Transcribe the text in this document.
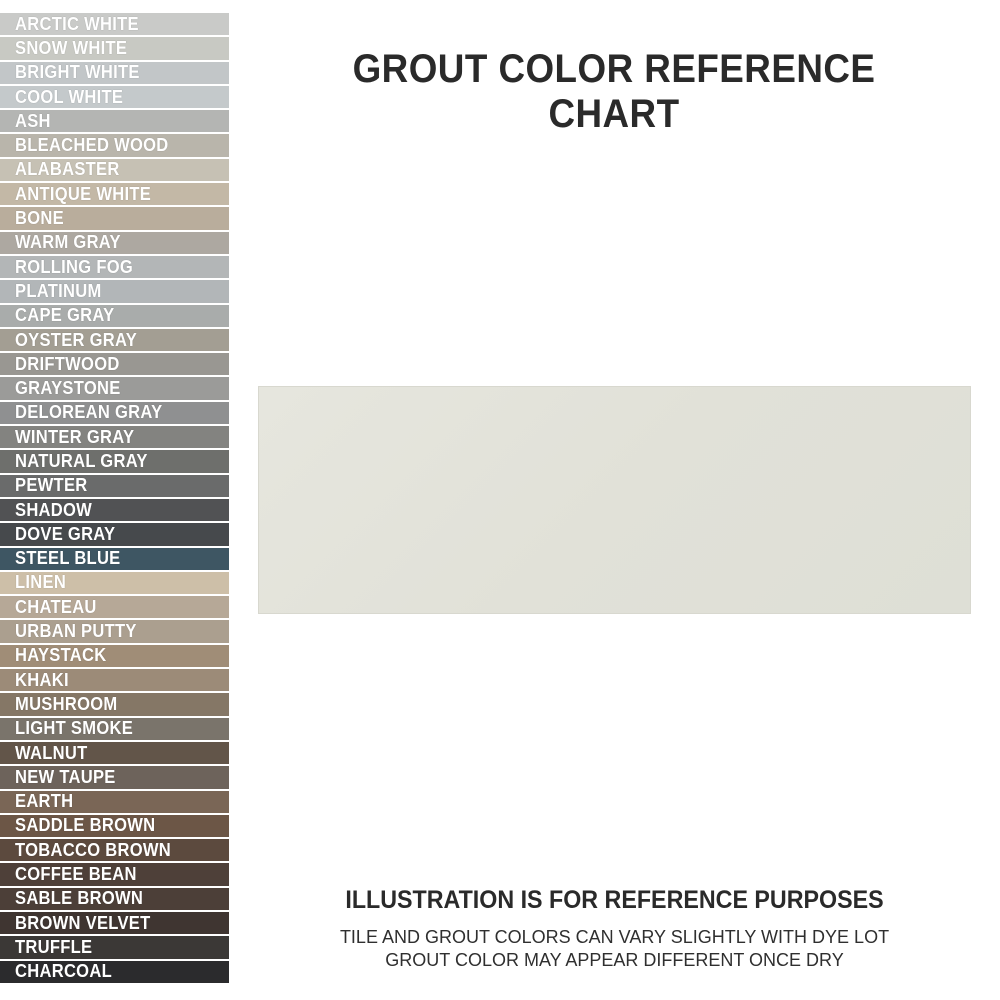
ARCTIC WHITE
SNOW WHITE
BRIGHT WHITE
COOL WHITE
ASH
BLEACHED WOOD
ALABASTER
ANTIQUE WHITE
BONE
WARM GRAY
ROLLING FOG
PLATINUM
CAPE GRAY
OYSTER GRAY
DRIFTWOOD
GRAYSTONE
DELOREAN GRAY
WINTER GRAY
NATURAL GRAY
PEWTER
SHADOW
DOVE GRAY
STEEL BLUE
LINEN
CHATEAU
URBAN PUTTY
HAYSTACK
KHAKI
MUSHROOM
LIGHT SMOKE
WALNUT
NEW TAUPE
EARTH
SADDLE BROWN
TOBACCO BROWN
COFFEE BEAN
SABLE BROWN
BROWN VELVET
TRUFFLE
CHARCOAL
GROUT COLOR REFERENCE CHART
ILLUSTRATION IS FOR REFERENCE PURPOSES
TILE AND GROUT COLORS CAN VARY SLIGHTLY WITH DYE LOT
GROUT COLOR MAY APPEAR DIFFERENT ONCE DRY
